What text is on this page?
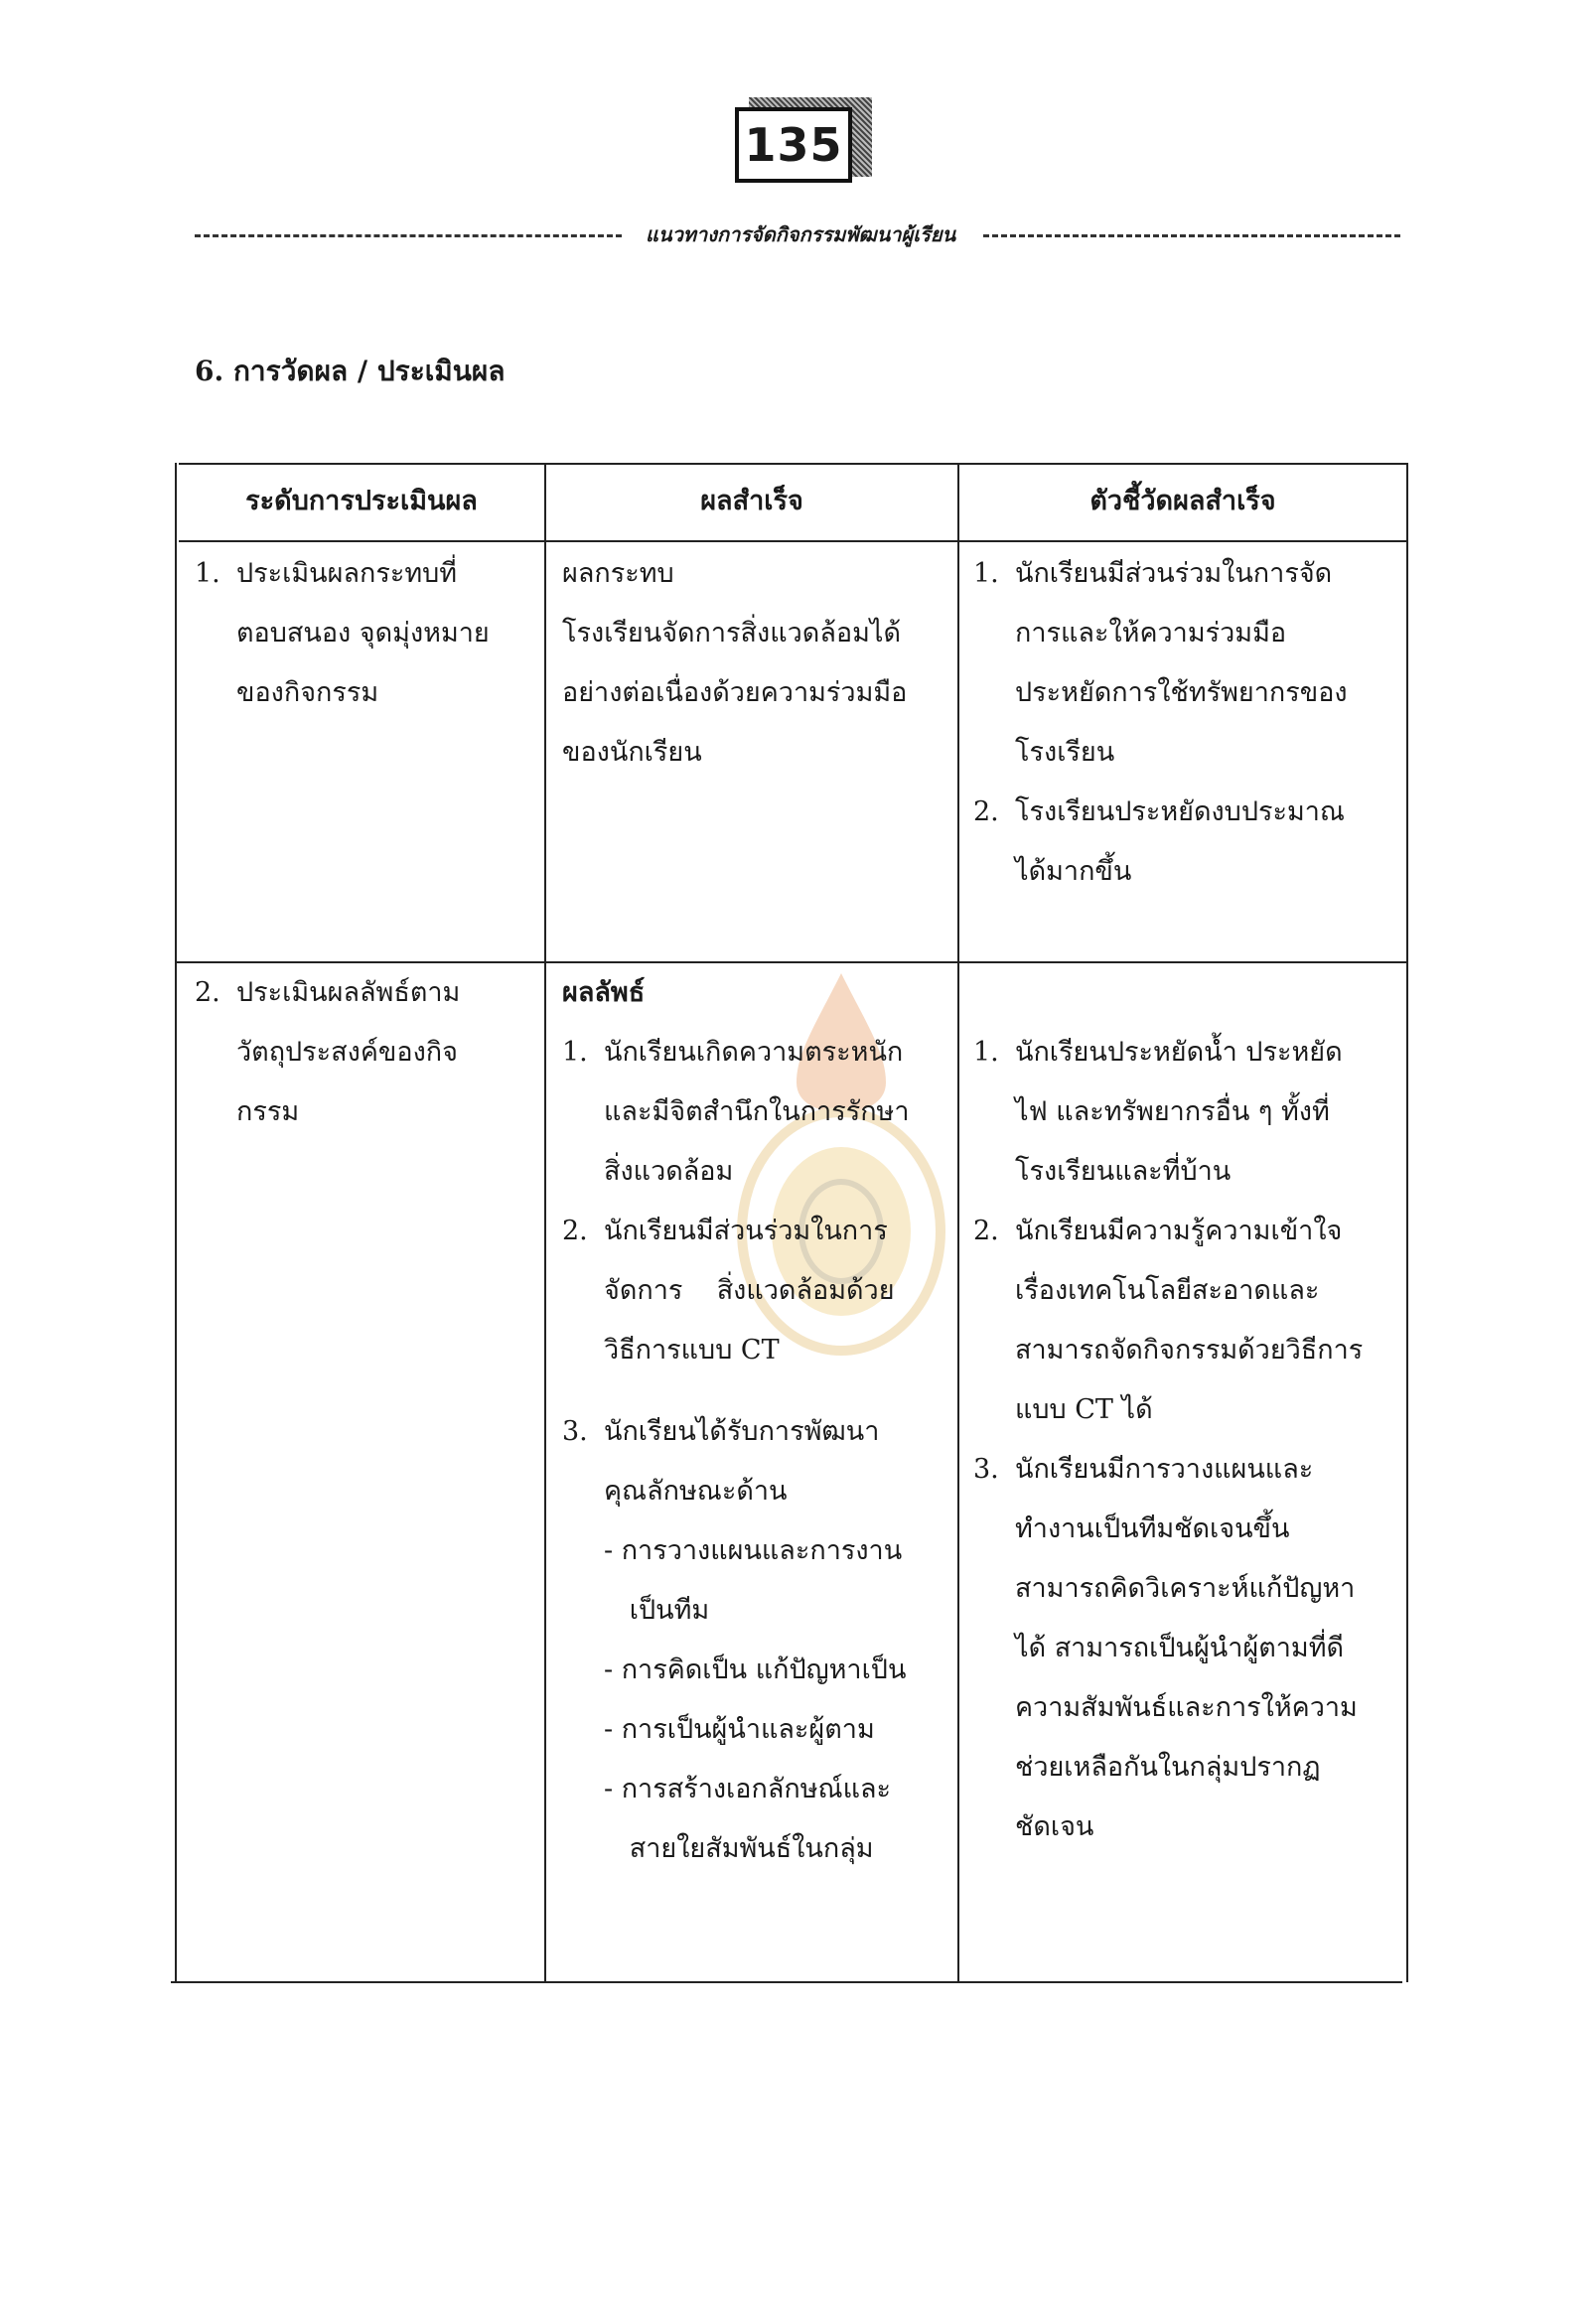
135
แนวทางการจัดกิจกรรมพัฒนาผู้เรียน
6. การวัดผล / ประเมินผล
ระดับการประเมินผล	ผลสำเร็จ	ตัวชี้วัดผลสำเร็จ

1. ประเมินผลกระทบที่

ตอบสนอง จุดมุ่งหมาย

ของกิจกรรม

ผลกระทบ

โรงเรียนจัดการสิ่งแวดล้อมได้

อย่างต่อเนื่องด้วยความร่วมมือ

ของนักเรียน

1. นักเรียนมีส่วนร่วมในการจัด

การและให้ความร่วมมือ

ประหยัดการใช้ทรัพยากรของ

โรงเรียน

2. โรงเรียนประหยัดงบประมาณ

ได้มากขึ้น

2. ประเมินผลลัพธ์ตาม

วัตถุประสงค์ของกิจ

กรรม

ผลลัพธ์

1. นักเรียนเกิดความตระหนัก

และมีจิตสำนึกในการรักษา

สิ่งแวดล้อม

2. นักเรียนมีส่วนร่วมในการ

จัดการ    สิ่งแวดล้อมด้วย

วิธีการแบบ CT

3. นักเรียนได้รับการพัฒนา

คุณลักษณะด้าน

- การวางแผนและการงาน

เป็นทีม

- การคิดเป็น แก้ปัญหาเป็น

- การเป็นผู้นำและผู้ตาม

- การสร้างเอกลักษณ์และ

สายใยสัมพันธ์ในกลุ่ม

1. นักเรียนประหยัดน้ำ ประหยัด

ไฟ และทรัพยากรอื่น ๆ ทั้งที่

โรงเรียนและที่บ้าน

2. นักเรียนมีความรู้ความเข้าใจ

เรื่องเทคโนโลยีสะอาดและ

สามารถจัดกิจกรรมด้วยวิธีการ

แบบ CT ได้

3. นักเรียนมีการวางแผนและ

ทำงานเป็นทีมชัดเจนขึ้น

สามารถคิดวิเคราะห์แก้ปัญหา

ได้ สามารถเป็นผู้นำผู้ตามที่ดี

ความสัมพันธ์และการให้ความ

ช่วยเหลือกันในกลุ่มปรากฏ

ชัดเจน
